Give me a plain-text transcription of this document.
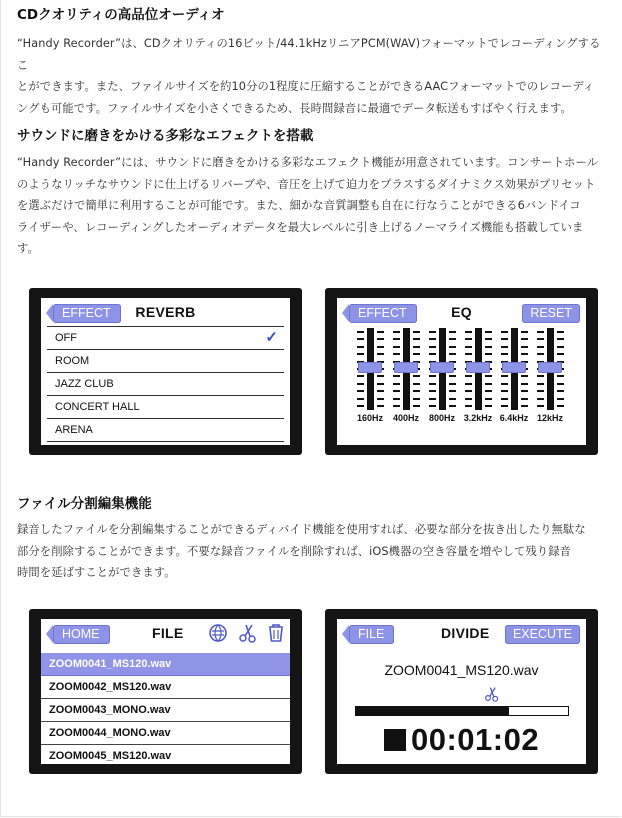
CDクオリティの高品位オーディオ
“Handy Recorder”は、CDクオリティの16ビット/44.1kHzリニアPCM(WAV)フォーマットでレコーディングするこ
とができます。また、ファイルサイズを約10分の1程度に圧縮することができるAACフォーマットでのレコーディ
ングも可能です。ファイルサイズを小さくできるため、長時間録音に最適でデータ転送もすばやく行えます。
サウンドに磨きをかける多彩なエフェクトを搭載
“Handy Recorder”には、サウンドに磨きをかける多彩なエフェクト機能が用意されています。コンサートホール
のようなリッチなサウンドに仕上げるリバーブや、音圧を上げて迫力をプラスするダイナミクス効果がプリセット
を選ぶだけで簡単に利用することが可能です。また、細かな音質調整も自在に行なうことができる6バンドイコ
ライザーや、レコーディングしたオーディオデータを最大レベルに引き上げるノーマライズ機能も搭載していま
す。
EFFECT	REVERB
OFF	✓
ROOM
JAZZ CLUB
CONCERT HALL
ARENA
EFFECT	EQ	RESET
160Hz	400Hz	800Hz 3.2kHz 6.4kHz 12kHz
ファイル分割編集機能
録音したファイルを分割編集することができるディバイド機能を使用すれば、必要な部分を抜き出したり無駄な
部分を削除することができます。不要な録音ファイルを削除すれば、iOS機器の空き容量を増やして残り録音
時間を延ばすことができます。
HOME	FILE
ZOOM0041_MS120.wav
ZOOM0042_MS120.wav
ZOOM0043_MONO.wav
ZOOM0044_MONO.wav
ZOOM0045_MS120.wav
FILE	DIVIDE	EXECUTE
ZOOM0041_MS120.wav
00:01:02
